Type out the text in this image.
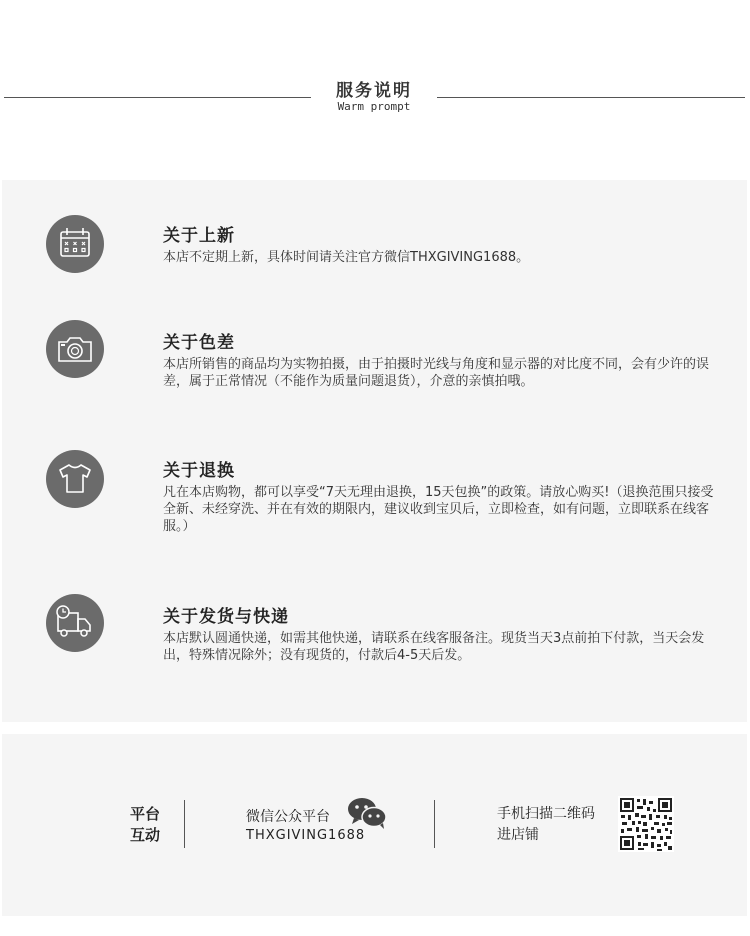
服务说明
Warm prompt
关于上新
本店不定期上新，具体时间请关注官方微信THXGIVING1688。
关于色差
本店所销售的商品均为实物拍摄，由于拍摄时光线与角度和显示器的对比度不同，会有少许的误差，属于正常情况（不能作为质量问题退货），介意的亲慎拍哦。
关于退换
凡在本店购物，都可以享受“7天无理由退换，15天包换”的政策。请放心购买!（退换范围只接受全新、未经穿洗、并在有效的期限内，建议收到宝贝后，立即检查，如有问题，立即联系在线客服。）
关于发货与快递
本店默认圆通快递，如需其他快递，请联系在线客服备注。现货当天3点前拍下付款，当天会发出，特殊情况除外；没有现货的，付款后4-5天后发。
平台
互动
微信公众平台
THXGIVING1688
手机扫描二维码
进店铺
